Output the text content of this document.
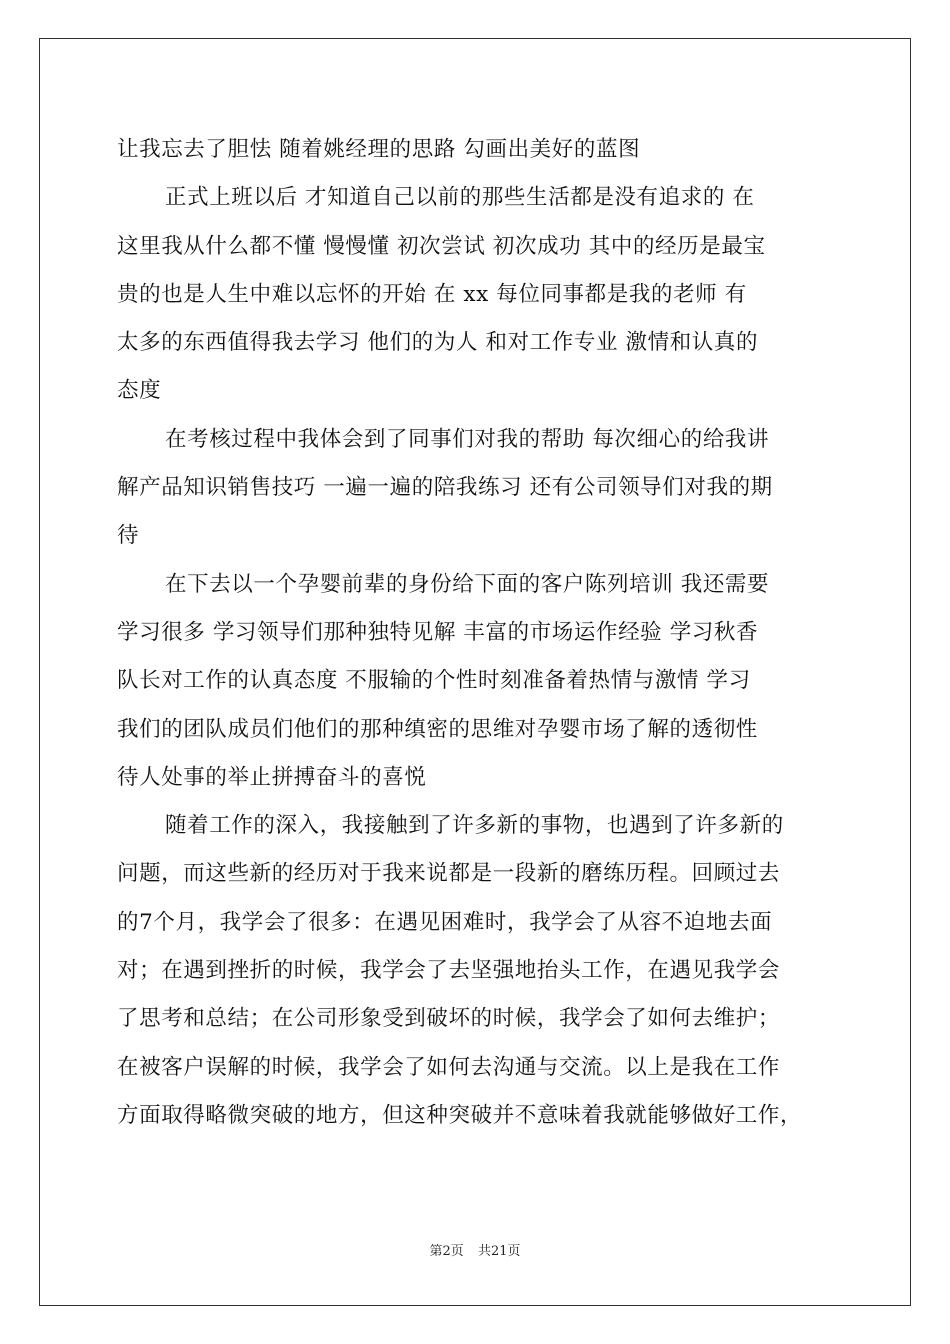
让我忘去了胆怯 随着姚经理的思路 勾画出美好的蓝图
正式上班以后 才知道自己以前的那些生活都是没有追求的 在
这里我从什么都不懂 慢慢懂 初次尝试 初次成功 其中的经历是最宝
贵的也是人生中难以忘怀的开始 在 xx 每位同事都是我的老师 有
太多的东西值得我去学习 他们的为人 和对工作专业 激情和认真的
态度
在考核过程中我体会到了同事们对我的帮助 每次细心的给我讲
解产品知识销售技巧 一遍一遍的陪我练习 还有公司领导们对我的期
待
在下去以一个孕婴前辈的身份给下面的客户陈列培训 我还需要
学习很多 学习领导们那种独特见解 丰富的市场运作经验 学习秋香
队长对工作的认真态度 不服输的个性时刻准备着热情与激情 学习
我们的团队成员们他们的那种缜密的思维对孕婴市场了解的透彻性
待人处事的举止拼搏奋斗的喜悦
随着工作的深入，我接触到了许多新的事物，也遇到了许多新的
问题，而这些新的经历对于我来说都是一段新的磨练历程。回顾过去
的7个月，我学会了很多：在遇见困难时，我学会了从容不迫地去面
对；在遇到挫折的时候，我学会了去坚强地抬头工作，在遇见我学会
了思考和总结；在公司形象受到破坏的时候，我学会了如何去维护；
在被客户误解的时候，我学会了如何去沟通与交流。以上是我在工作
方面取得略微突破的地方，但这种突破并不意味着我就能够做好工作，
第2页 共21页
